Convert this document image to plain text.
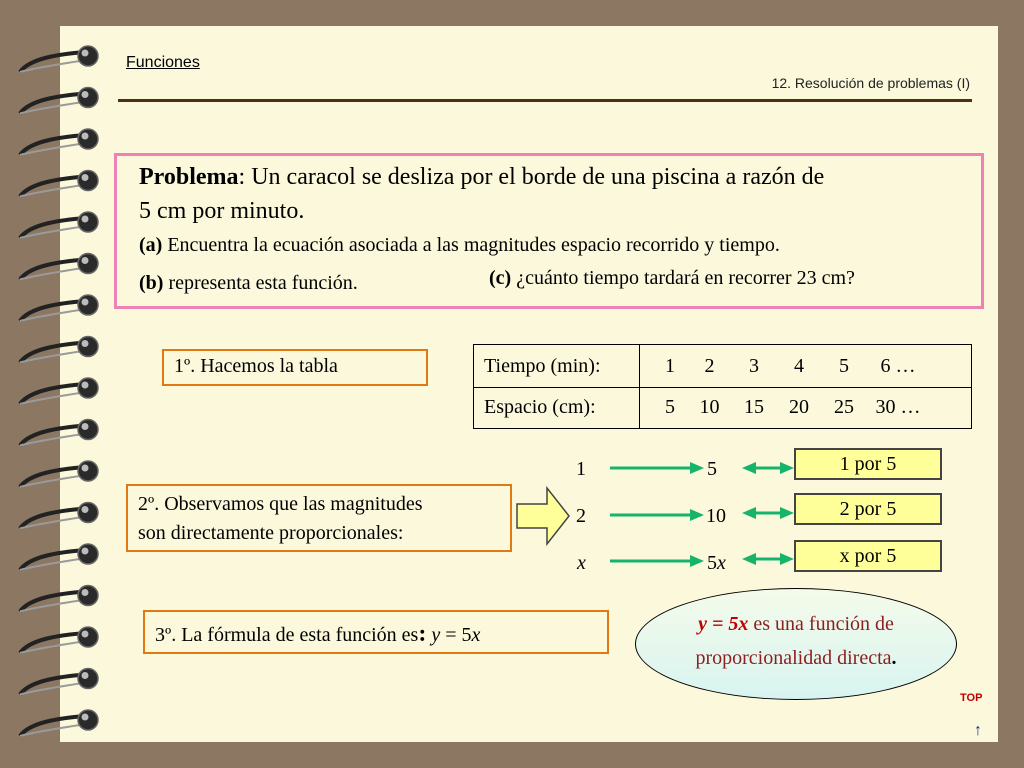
Funciones
12. Resolución de problemas (I)
Problema: Un caracol se desliza por el borde de una piscina a razón de
5 cm por minuto.
(a) Encuentra la ecuación asociada a las magnitudes espacio recorrido y tiempo.
(b) representa esta función.	(c) ¿cuánto tiempo tardará en recorrer 23 cm?
1º. Hacemos la tabla	Tiempo (min):	1 2 3 4 5 6 …
Espacio (cm):	5 10 15 20 25 30 …
2º. Observamos que las magnitudes
son directamente proporcionales:
1
2
x
5
10
5x
1 por 5
2 por 5
x por 5
3º. La fórmula de esta función es: y = 5x	y = 5x es una función de
proporcionalidad directa.
TOP
↑
